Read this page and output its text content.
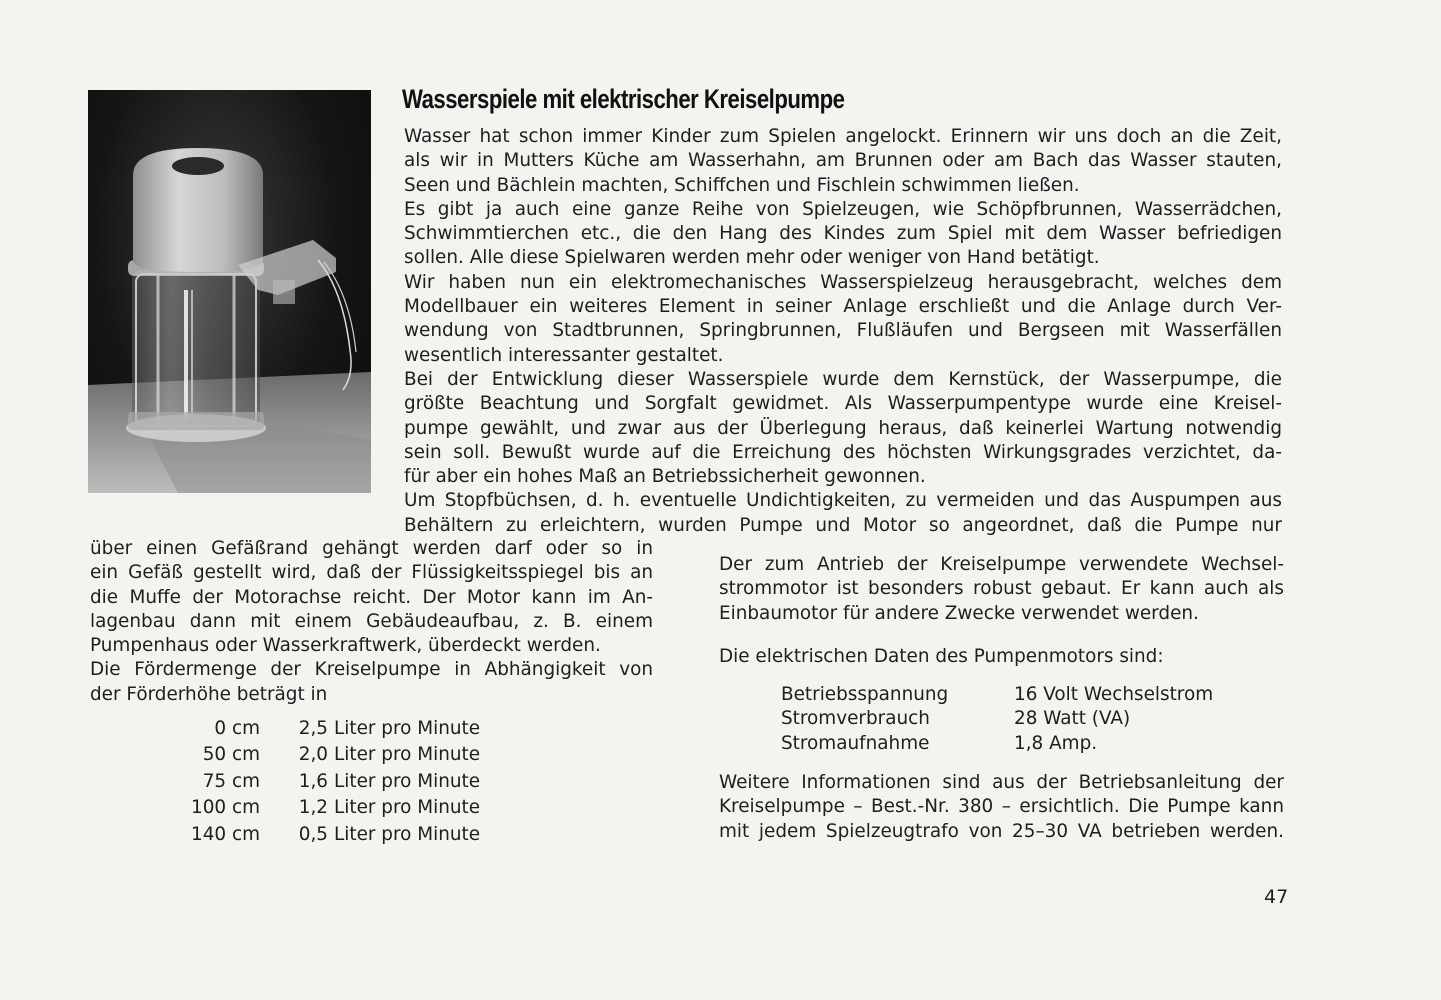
Wasserspiele mit elektrischer Kreiselpumpe
Wasser hat schon immer Kinder zum Spielen angelockt. Erinnern wir uns doch an die Zeit,
als wir in Mutters Küche am Wasserhahn, am Brunnen oder am Bach das Wasser stauten,
Seen und Bächlein machten, Schiffchen und Fischlein schwimmen ließen.
Es gibt ja auch eine ganze Reihe von Spielzeugen, wie Schöpfbrunnen, Wasserrädchen,
Schwimmtierchen etc., die den Hang des Kindes zum Spiel mit dem Wasser befriedigen
sollen. Alle diese Spielwaren werden mehr oder weniger von Hand betätigt.
Wir haben nun ein elektromechanisches Wasserspielzeug herausgebracht, welches dem
Modellbauer ein weiteres Element in seiner Anlage erschließt und die Anlage durch Ver-
wendung von Stadtbrunnen, Springbrunnen, Flußläufen und Bergseen mit Wasserfällen
wesentlich interessanter gestaltet.
Bei der Entwicklung dieser Wasserspiele wurde dem Kernstück, der Wasserpumpe, die
größte Beachtung und Sorgfalt gewidmet. Als Wasserpumpentype wurde eine Kreisel-
pumpe gewählt, und zwar aus der Überlegung heraus, daß keinerlei Wartung notwendig
sein soll. Bewußt wurde auf die Erreichung des höchsten Wirkungsgrades verzichtet, da-
für aber ein hohes Maß an Betriebssicherheit gewonnen.
Um Stopfbüchsen, d. h. eventuelle Undichtigkeiten, zu vermeiden und das Auspumpen aus
Behältern zu erleichtern, wurden Pumpe und Motor so angeordnet, daß die Pumpe nur
über einen Gefäßrand gehängt werden darf oder so in
ein Gefäß gestellt wird, daß der Flüssigkeitsspiegel bis an
die Muffe der Motorachse reicht. Der Motor kann im An-
lagenbau dann mit einem Gebäudeaufbau, z. B. einem
Pumpenhaus oder Wasserkraftwerk, überdeckt werden.
Die Fördermenge der Kreiselpumpe in Abhängigkeit von
der Förderhöhe beträgt in
0 cm	2,5 Liter pro Minute
50 cm	2,0 Liter pro Minute
75 cm	1,6 Liter pro Minute
100 cm	1,2 Liter pro Minute
140 cm	0,5 Liter pro Minute
Der zum Antrieb der Kreiselpumpe verwendete Wechsel-
strommotor ist besonders robust gebaut. Er kann auch als
Einbaumotor für andere Zwecke verwendet werden.
Die elektrischen Daten des Pumpenmotors sind:
Betriebsspannung	16 Volt Wechselstrom
Stromverbrauch	28 Watt (VA)
Stromaufnahme	1,8 Amp.
Weitere Informationen sind aus der Betriebsanleitung der
Kreiselpumpe – Best.-Nr. 380 – ersichtlich. Die Pumpe kann
mit jedem Spielzeugtrafo von 25–30 VA betrieben werden.
47
